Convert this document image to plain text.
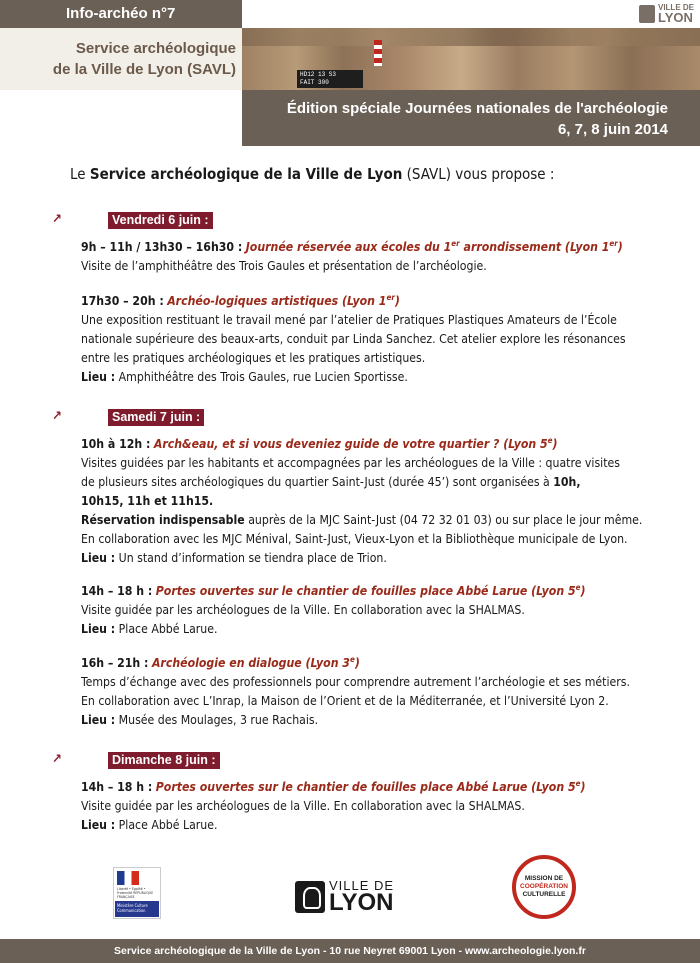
Info-archéo n°7	VILLE DE
LYON
Service archéologique
de la Ville de Lyon (SAVL)	HD12 13 S3
FAIT 300
Édition spéciale Journées nationales de l'archéologie
6, 7, 8 juin 2014
Le Service archéologique de la Ville de Lyon (SAVL) vous propose :
↗	Vendredi 6 juin :
9h – 11h / 13h30 – 16h30 : Journée réservée aux écoles du 1er arrondissement (Lyon 1er)
Visite de l’amphithéâtre des Trois Gaules et présentation de l’archéologie.
17h30 – 20h : Archéo-logiques artistiques (Lyon 1er)
Une exposition restituant le travail mené par l’atelier de Pratiques Plastiques Amateurs de l’École
nationale supérieure des beaux-arts, conduit par Linda Sanchez. Cet atelier explore les résonances
entre les pratiques archéologiques et les pratiques artistiques.
Lieu : Amphithéâtre des Trois Gaules, rue Lucien Sportisse.
↗	Samedi 7 juin :
10h à 12h : Arch&eau, et si vous deveniez guide de votre quartier ? (Lyon 5e)
Visites guidées par les habitants et accompagnées par les archéologues de la Ville : quatre visites
de plusieurs sites archéologiques du quartier Saint-Just (durée 45’) sont organisées à 10h,
10h15, 11h et 11h15.
Réservation indispensable auprès de la MJC Saint-Just (04 72 32 01 03) ou sur place le jour même.
En collaboration avec les MJC Ménival, Saint-Just, Vieux-Lyon et la Bibliothèque municipale de Lyon.
Lieu : Un stand d’information se tiendra place de Trion.
14h – 18 h : Portes ouvertes sur le chantier de fouilles place Abbé Larue (Lyon 5e)
Visite guidée par les archéologues de la Ville. En collaboration avec la SHALMAS.
Lieu : Place Abbé Larue.
16h – 21h : Archéologie en dialogue (Lyon 3e)
Temps d’échange avec des professionnels pour comprendre autrement l’archéologie et ses métiers.
En collaboration avec L’Inrap, la Maison de l’Orient et de la Méditerranée, et l’Université Lyon 2.
Lieu : Musée des Moulages, 3 rue Rachais.
↗	Dimanche 8 juin :
14h – 18 h : Portes ouvertes sur le chantier de fouilles place Abbé Larue (Lyon 5e)
Visite guidée par les archéologues de la Ville. En collaboration avec la SHALMAS.
Lieu : Place Abbé Larue.
Liberté • Égalité • Fraternité RÉPUBLIQUE FRANÇAISE
Ministère Culture Communication
VILLE DE
LYON
MISSION DE
COOPÉRATION
CULTURELLE
Service archéologique de la Ville de Lyon - 10 rue Neyret 69001 Lyon - www.archeologie.lyon.fr
